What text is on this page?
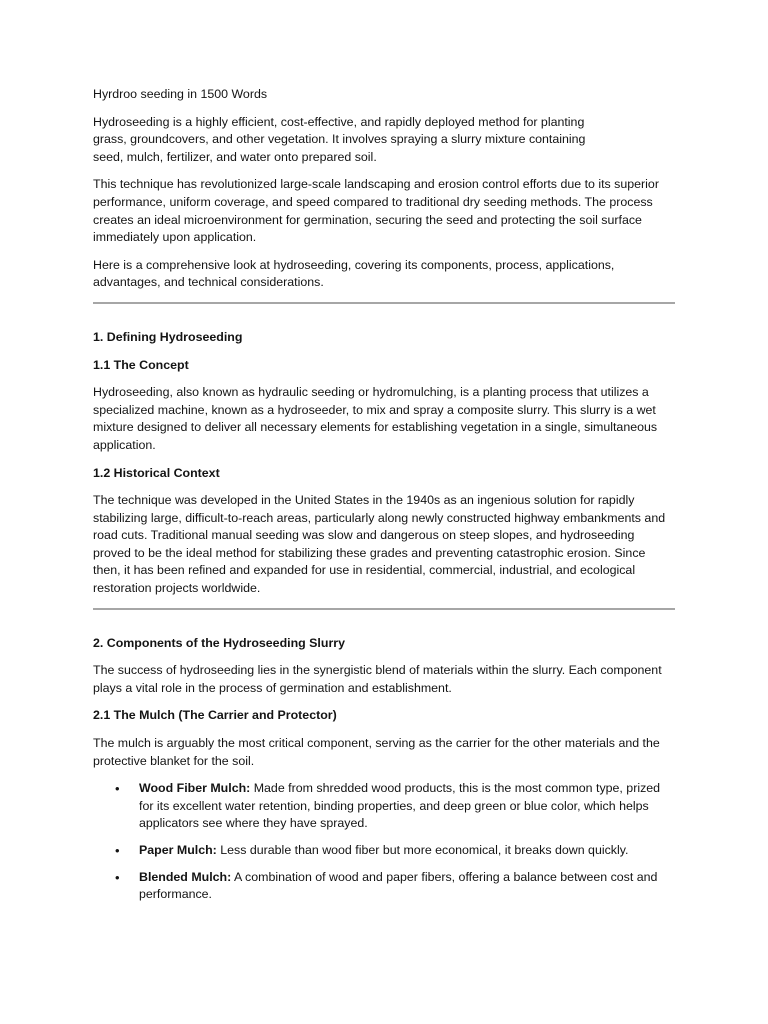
Hyrdroo seeding in 1500 Words

Hydroseeding is a highly efficient, cost-effective, and rapidly deployed method for planting grass, groundcovers, and other vegetation. It involves spraying a slurry mixture containing seed, mulch, fertilizer, and water onto prepared soil.

This technique has revolutionized large-scale landscaping and erosion control efforts due to its superior performance, uniform coverage, and speed compared to traditional dry seeding methods. The process creates an ideal microenvironment for germination, securing the seed and protecting the soil surface immediately upon application.

Here is a comprehensive look at hydroseeding, covering its components, process, applications, advantages, and technical considerations.

1. Defining Hydroseeding

1.1 The Concept

Hydroseeding, also known as hydraulic seeding or hydromulching, is a planting process that utilizes a specialized machine, known as a hydroseeder, to mix and spray a composite slurry. This slurry is a wet mixture designed to deliver all necessary elements for establishing vegetation in a single, simultaneous application.

1.2 Historical Context

The technique was developed in the United States in the 1940s as an ingenious solution for rapidly stabilizing large, difficult-to-reach areas, particularly along newly constructed highway embankments and road cuts. Traditional manual seeding was slow and dangerous on steep slopes, and hydroseeding proved to be the ideal method for stabilizing these grades and preventing catastrophic erosion. Since then, it has been refined and expanded for use in residential, commercial, industrial, and ecological restoration projects worldwide.

2. Components of the Hydroseeding Slurry

The success of hydroseeding lies in the synergistic blend of materials within the slurry. Each component plays a vital role in the process of germination and establishment.

2.1 The Mulch (The Carrier and Protector)

The mulch is arguably the most critical component, serving as the carrier for the other materials and the protective blanket for the soil.

• Wood Fiber Mulch: Made from shredded wood products, this is the most common type, prized for its excellent water retention, binding properties, and deep green or blue color, which helps applicators see where they have sprayed.
• Paper Mulch: Less durable than wood fiber but more economical, it breaks down quickly.
• Blended Mulch: A combination of wood and paper fibers, offering a balance between cost and performance.
